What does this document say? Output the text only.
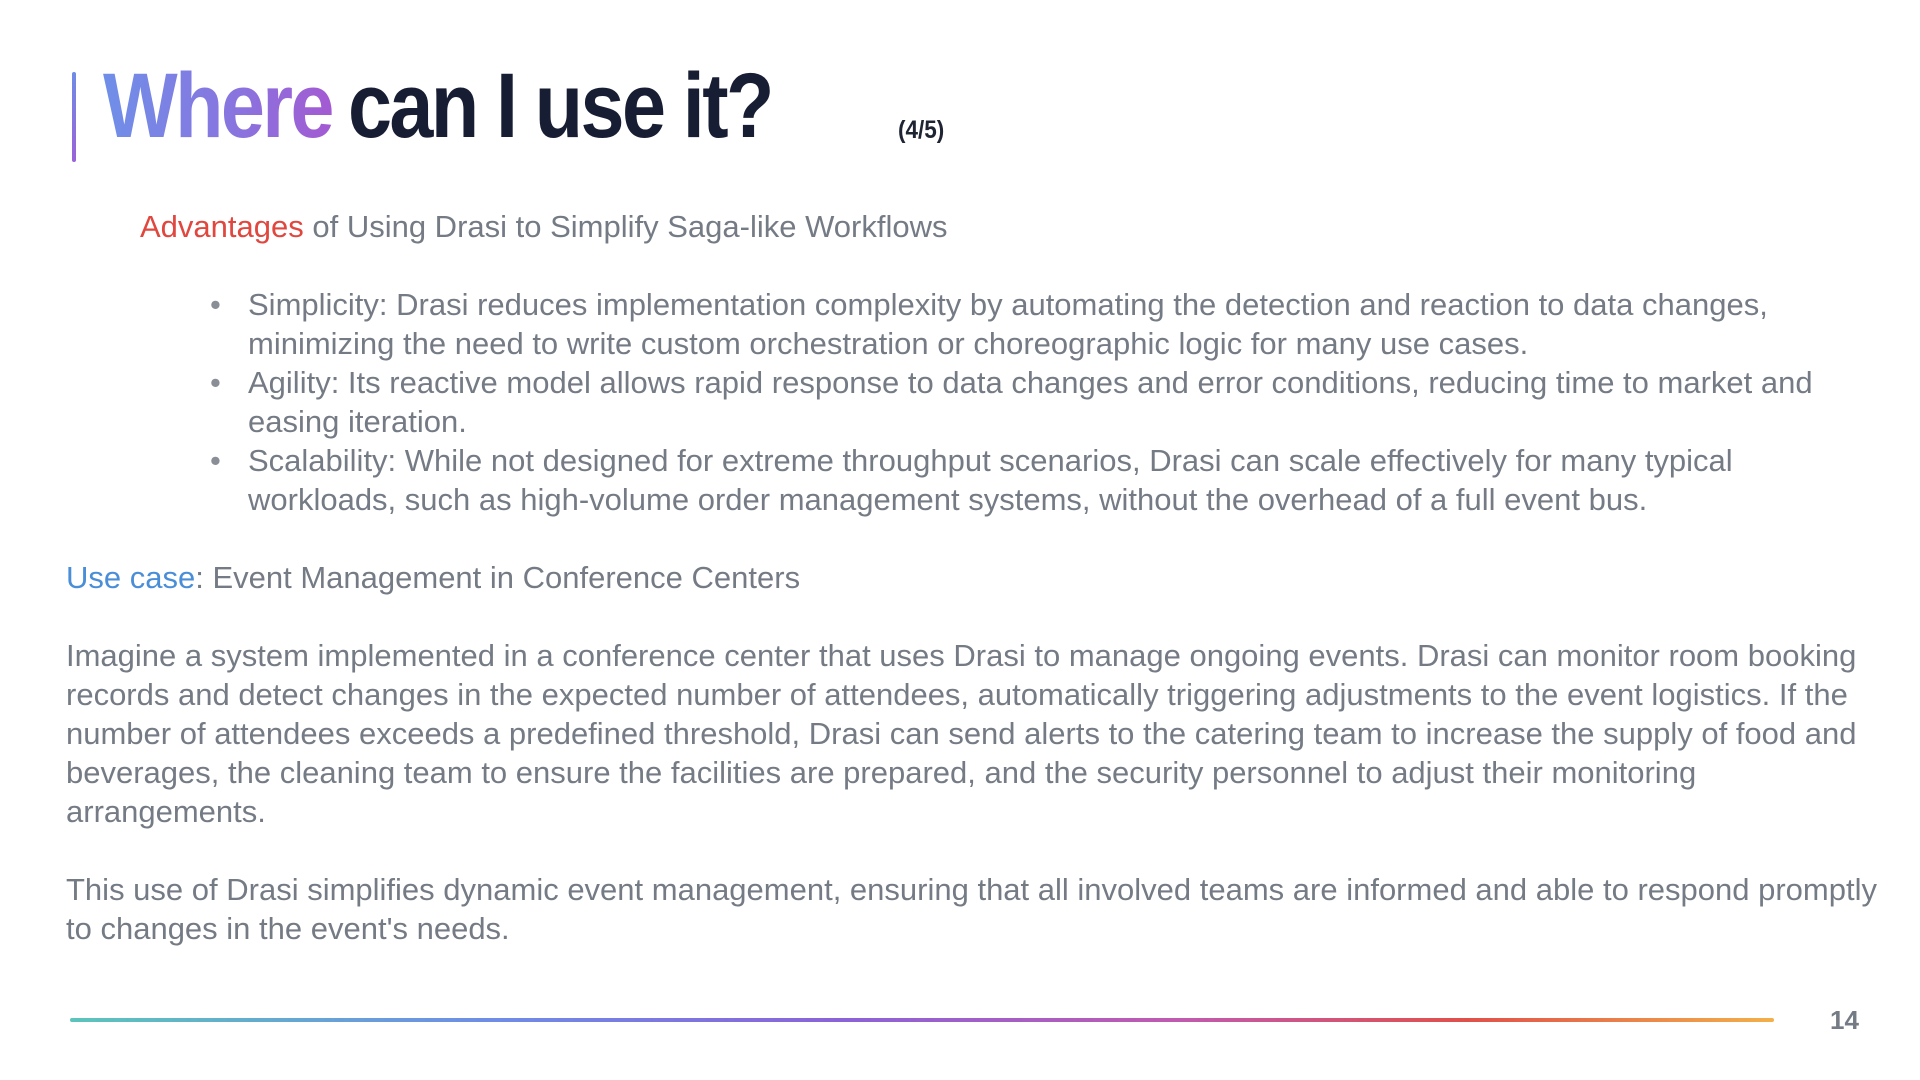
Where can I use it?	(4/5)
Advantages of Using Drasi to Simplify Saga-like Workflows
• Simplicity: Drasi reduces implementation complexity by automating the detection and reaction to data changes, minimizing the need to write custom orchestration or choreographic logic for many use cases.
• Agility: Its reactive model allows rapid response to data changes and error conditions, reducing time to market and easing iteration.
• Scalability: While not designed for extreme throughput scenarios, Drasi can scale effectively for many typical workloads, such as high-volume order management systems, without the overhead of a full event bus.
Use case: Event Management in Conference Centers
Imagine a system implemented in a conference center that uses Drasi to manage ongoing events. Drasi can monitor room booking records and detect changes in the expected number of attendees, automatically triggering adjustments to the event logistics. If the number of attendees exceeds a predefined threshold, Drasi can send alerts to the catering team to increase the supply of food and beverages, the cleaning team to ensure the facilities are prepared, and the security personnel to adjust their monitoring arrangements.
This use of Drasi simplifies dynamic event management, ensuring that all involved teams are informed and able to respond promptly to changes in the event's needs.
14
